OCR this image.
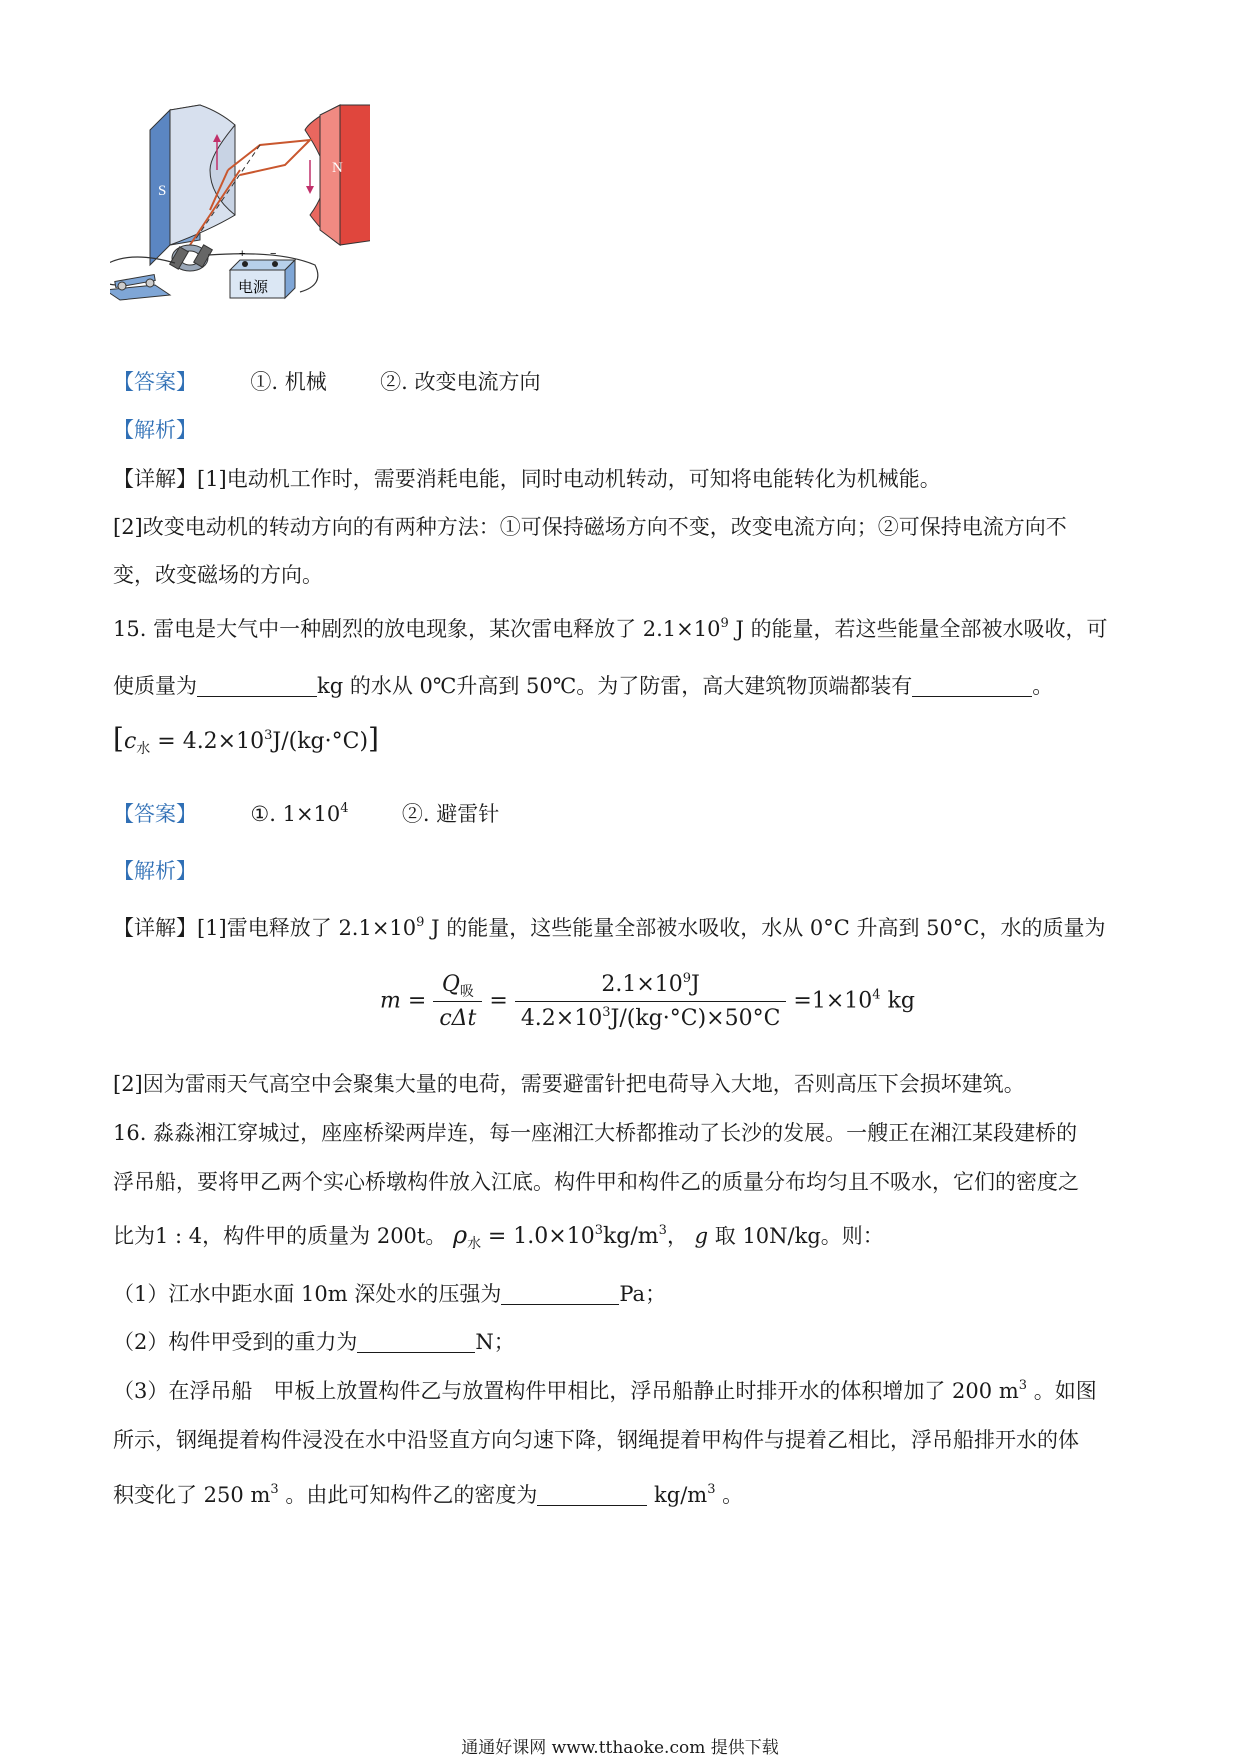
S
N
+ −
电源
【答案】	①. 机械	②. 改变电流方向
【解析】
【详解】[1]电动机工作时，需要消耗电能，同时电动机转动，可知将电能转化为机械能。
[2]改变电动机的转动方向的有两种方法：①可保持磁场方向不变，改变电流方向；②可保持电流方向不
变，改变磁场的方向。
15. 雷电是大气中一种剧烈的放电现象，某次雷电释放了 $2.1\times 10^9$ J 的能量，若这些能量全部被水吸收，可
使质量为	kg 的水从 0℃升高到 50℃。为了防雷，高大建筑物顶端都装有	。
$[c_水 = 4.2\times 10^3J/(kg\cdot^\circ C)]$
【答案】	①. $1\times 10^4$	②. 避雷针
【解析】
【详解】[1]雷电释放了 $2.1\times 10^9$ J 的能量，这些能量全部被水吸收，水从 0°C 升高到 50°C，水的质量为
$m = \frac{Q_吸}{\text{cΔt}} = \frac{2.1\times 10^9J}{4.2\times 10^3J/(kg\cdot^\circ C)\times 50^\circ C} =1\times 10^4$ kg
[2]因为雷雨天气高空中会聚集大量的电荷，需要避雷针把电荷导入大地，否则高压下会损坏建筑。
16. 淼淼湘江穿城过，座座桥梁两岸连，每一座湘江大桥都推动了长沙的发展。一艘正在湘江某段建桥的
浮吊船，要将甲乙两个实心桥墩构件放入江底。构件甲和构件乙的质量分布均匀且不吸水，它们的密度之
比为1 : 4，构件甲的质量为 200t。 $\rho_水 = 1.0\times 10^3kg/m^3$， g 取 10N/kg。则：
（1）江水中距水面 10m 深处水的压强为	Pa；
（2）构件甲受到的重力为	N；
（3）在浮吊船　甲板上放置构件乙与放置构件甲相比，浮吊船静止时排开水的体积增加了 200 $m^3$ 。如图
所示，钢绳提着构件浸没在水中沿竖直方向匀速下降，钢绳提着甲构件与提着乙相比，浮吊船排开水的体
积变化了 250 $m^3$ 。由此可知构件乙的密度为	$kg/m^3$ 。
通通好课网 www.tthaoke.com 提供下载
